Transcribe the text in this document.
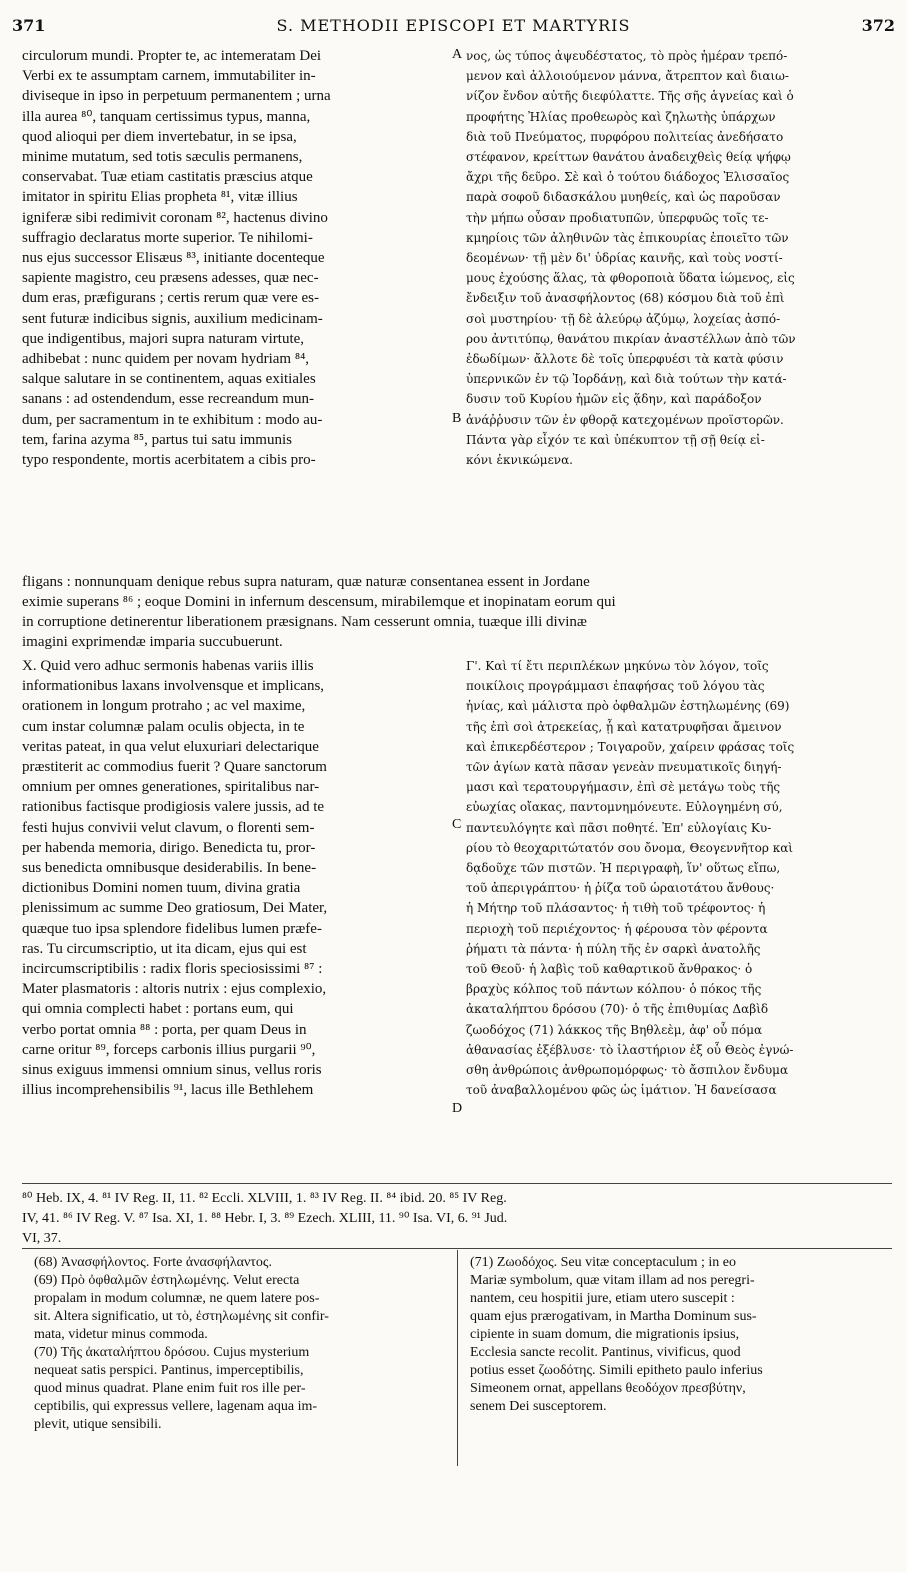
371	S. METHODII EPISCOPI ET MARTYRIS	372
circulorum mundi. Propter te, ac intemeratam Dei
Verbi ex te assumptam carnem, immutabiliter in-
diviseque in ipso in perpetuum permanentem ; urna
illa aurea ⁸⁰, tanquam certissimus typus, manna,
quod alioqui per diem invertebatur, in se ipsa,
minime mutatum, sed totis sæculis permanens,
conservabat. Tuæ etiam castitatis præscius atque
imitator in spiritu Elias propheta ⁸¹, vitæ illius
igniferæ sibi redimivit coronam ⁸², hactenus divino
suffragio declaratus morte superior. Te nihilomi-
nus ejus successor Elisæus ⁸³, initiante docenteque
sapiente magistro, ceu præsens adesses, quæ nec-
dum eras, præfigurans ; certis rerum quæ vere es-
sent futuræ indicibus signis, auxilium medicinam-
que indigentibus, majori supra naturam virtute,
adhibebat : nunc quidem per novam hydriam ⁸⁴,
salque salutare in se continentem, aquas exitiales
sanans : ad ostendendum, esse recreandum mun-
dum, per sacramentum in te exhibitum : modo au-
tem, farina azyma ⁸⁵, partus tui satu immunis
typo respondente, mortis acerbitatem a cibis pro-
νος, ὡς τύπος ἀψευδέστατος, τὸ πρὸς ἡμέραν τρεπό-
μενον καὶ ἀλλοιούμενον μάννα, ἄτρεπτον καὶ διαιω-
νίζον ἔνδον αὐτῆς διεφύλαττε. Τῆς σῆς ἁγνείας καὶ ὁ
προφήτης Ἠλίας προθεωρὸς καὶ ζηλωτὴς ὑπάρχων
διὰ τοῦ Πνεύματος, πυρφόρου πολιτείας ἀνεδήσατο
στέφανον, κρείττων θανάτου ἀναδειχθεὶς θείᾳ ψήφῳ
ἄχρι τῆς δεῦρο. Σὲ καὶ ὁ τούτου διάδοχος Ἐλισσαῖος
παρὰ σοφοῦ διδασκάλου μυηθείς, καὶ ὡς παροῦσαν
τὴν μήπω οὖσαν προδιατυπῶν, ὑπερφυῶς τοῖς τε-
κμηρίοις τῶν ἀληθινῶν τὰς ἐπικουρίας ἐποιεῖτο τῶν
δεομένων· τῇ μὲν δι' ὑδρίας καινῆς, καὶ τοὺς νοστί-
μους ἐχούσης ἅλας, τὰ φθοροποιὰ ὕδατα ἰώμενος, εἰς
ἔνδειξιν τοῦ ἀνασφήλοντος (68) κόσμου διὰ τοῦ ἐπὶ
σοὶ μυστηρίου· τῇ δὲ ἀλεύρῳ ἀζύμῳ, λοχείας ἀσπό-
ρου ἀντιτύπῳ, θανάτου πικρίαν ἀναστέλλων ἀπὸ τῶν
ἐδωδίμων· ἄλλοτε δὲ τοῖς ὑπερφυέσι τὰ κατὰ φύσιν
ὑπερνικῶν ἐν τῷ Ἰορδάνῃ, καὶ διὰ τούτων τὴν κατά-
δυσιν τοῦ Κυρίου ἡμῶν εἰς ᾅδην, καὶ παράδοξον
ἀνάῤῥυσιν τῶν ἐν φθορᾷ κατεχομένων προϊστορῶν.
Πάντα γὰρ εἶχόν τε καὶ ὑπέκυπτον τῇ σῇ θείᾳ εἰ-
κόνι ἐκνικώμενα.
fligans : nonnunquam denique rebus supra naturam, quæ naturæ consentanea essent in Jordane
eximie superans ⁸⁶ ; eoque Domini in infernum descensum, mirabilemque et inopinatam eorum qui
in corruptione detinerentur liberationem præsignans. Nam cesserunt omnia, tuæque illi divinæ
imagini exprimendæ imparia succubuerunt.
X. Quid vero adhuc sermonis habenas variis illis
informationibus laxans involvensque et implicans,
orationem in longum protraho ; ac vel maxime,
cum instar columnæ palam oculis objecta, in te
veritas pateat, in qua velut eluxuriari delectarique
præstiterit ac commodius fuerit ? Quare sanctorum
omnium per omnes generationes, spiritalibus nar-
rationibus factisque prodigiosis valere jussis, ad te
festi hujus convivii velut clavum, o florenti sem-
per habenda memoria, dirigo. Benedicta tu, pror-
sus benedicta omnibusque desiderabilis. In bene-
dictionibus Domini nomen tuum, divina gratia
plenissimum ac summe Deo gratiosum, Dei Mater,
quæque tuo ipsa splendore fidelibus lumen præfe-
ras. Tu circumscriptio, ut ita dicam, ejus qui est
incircumscriptibilis : radix floris speciosissimi ⁸⁷ :
Mater plasmatoris : altoris nutrix : ejus complexio,
qui omnia complecti habet : portans eum, qui
verbo portat omnia ⁸⁸ : porta, per quam Deus in
carne oritur ⁸⁹, forceps carbonis illius purgarii ⁹⁰,
sinus exiguus immensi omnium sinus, vellus roris
illius incomprehensibilis ⁹¹, lacus ille Bethlehem
Γ'. Καὶ τί ἔτι περιπλέκων μηκύνω τὸν λόγον, τοῖς
ποικίλοις προγράμμασι ἐπαφήσας τοῦ λόγου τὰς
ἡνίας, καὶ μάλιστα πρὸ ὀφθαλμῶν ἐστηλωμένης (69)
τῆς ἐπὶ σοὶ ἀτρεκείας, ᾗ καὶ κατατρυφῆσαι ἄμεινον
καὶ ἐπικερδέστερον ; Τοιγαροῦν, χαίρειν φράσας τοῖς
τῶν ἁγίων κατὰ πᾶσαν γενεὰν πνευματικοῖς διηγή-
μασι καὶ τερατουργήμασιν, ἐπὶ σὲ μετάγω τοὺς τῆς
εὐωχίας οἴακας, παντομνημόνευτε. Εὐλογημένη σύ,
παντευλόγητε καὶ πᾶσι ποθητέ. Ἐπ' εὐλογίαις Κυ-
ρίου τὸ θεοχαριτώτατόν σου ὄνομα, Θεογεννῆτορ καὶ
δᾳδοῦχε τῶν πιστῶν. Ἡ περιγραφὴ, ἵν' οὕτως εἴπω,
τοῦ ἀπεριγράπτου· ἡ ῥίζα τοῦ ὡραιοτάτου ἄνθους·
ἡ Μήτηρ τοῦ πλάσαντος· ἡ τιθὴ τοῦ τρέφοντος· ἡ
περιοχὴ τοῦ περιέχοντος· ἡ φέρουσα τὸν φέροντα
ῥήματι τὰ πάντα· ἡ πύλη τῆς ἐν σαρκὶ ἀνατολῆς
τοῦ Θεοῦ· ἡ λαβὶς τοῦ καθαρτικοῦ ἄνθρακος· ὁ
βραχὺς κόλπος τοῦ πάντων κόλπου· ὁ πόκος τῆς
ἀκαταλήπτου δρόσου (70)· ὁ τῆς ἐπιθυμίας Δαβὶδ
ζωοδόχος (71) λάκκος τῆς Βηθλεὲμ, ἀφ' οὗ πόμα
ἀθανασίας ἐξέβλυσε· τὸ ἱλαστήριον ἐξ οὗ Θεὸς ἐγνώ-
σθη ἀνθρώποις ἀνθρωπομόρφως· τὸ ἄσπιλον ἔνδυμα
τοῦ ἀναβαλλομένου φῶς ὡς ἱμάτιον. Ἡ δανείσασα
A
B
C
D
⁸⁰ Heb. IX, 4. ⁸¹ IV Reg. II, 11. ⁸² Eccli. XLVIII, 1. ⁸³ IV Reg. II. ⁸⁴ ibid. 20. ⁸⁵ IV Reg.
IV, 41. ⁸⁶ IV Reg. V. ⁸⁷ Isa. XI, 1. ⁸⁸ Hebr. I, 3. ⁸⁹ Ezech. XLIII, 11. ⁹⁰ Isa. VI, 6. ⁹¹ Jud.
VI, 37.
(68) Ἀνασφήλοντος. Forte ἀνασφήλαντος.
(69) Πρὸ ὀφθαλμῶν ἐστηλωμένης. Velut erecta
propalam in modum columnæ, ne quem latere pos-
sit. Altera significatio, ut τὸ, ἐστηλωμένης sit confir-
mata, videtur minus commoda.
(70) Τῆς ἀκαταλήπτου δρόσου. Cujus mysterium
nequeat satis perspici. Pantinus, imperceptibilis,
quod minus quadrat. Plane enim fuit ros ille per-
ceptibilis, qui expressus vellere, lagenam aqua im-
plevit, utique sensibili.
(71) Ζωοδόχος. Seu vitæ conceptaculum ; in eo
Mariæ symbolum, quæ vitam illam ad nos peregri-
nantem, ceu hospitii jure, etiam utero suscepit :
quam ejus prærogativam, in Martha Dominum sus-
cipiente in suam domum, die migrationis ipsius,
Ecclesia sancte recolit. Pantinus, vivificus, quod
potius esset ζωοδότης. Simili epitheto paulo inferius
Simeonem ornat, appellans θεοδόχον πρεσβύτην,
senem Dei susceptorem.
